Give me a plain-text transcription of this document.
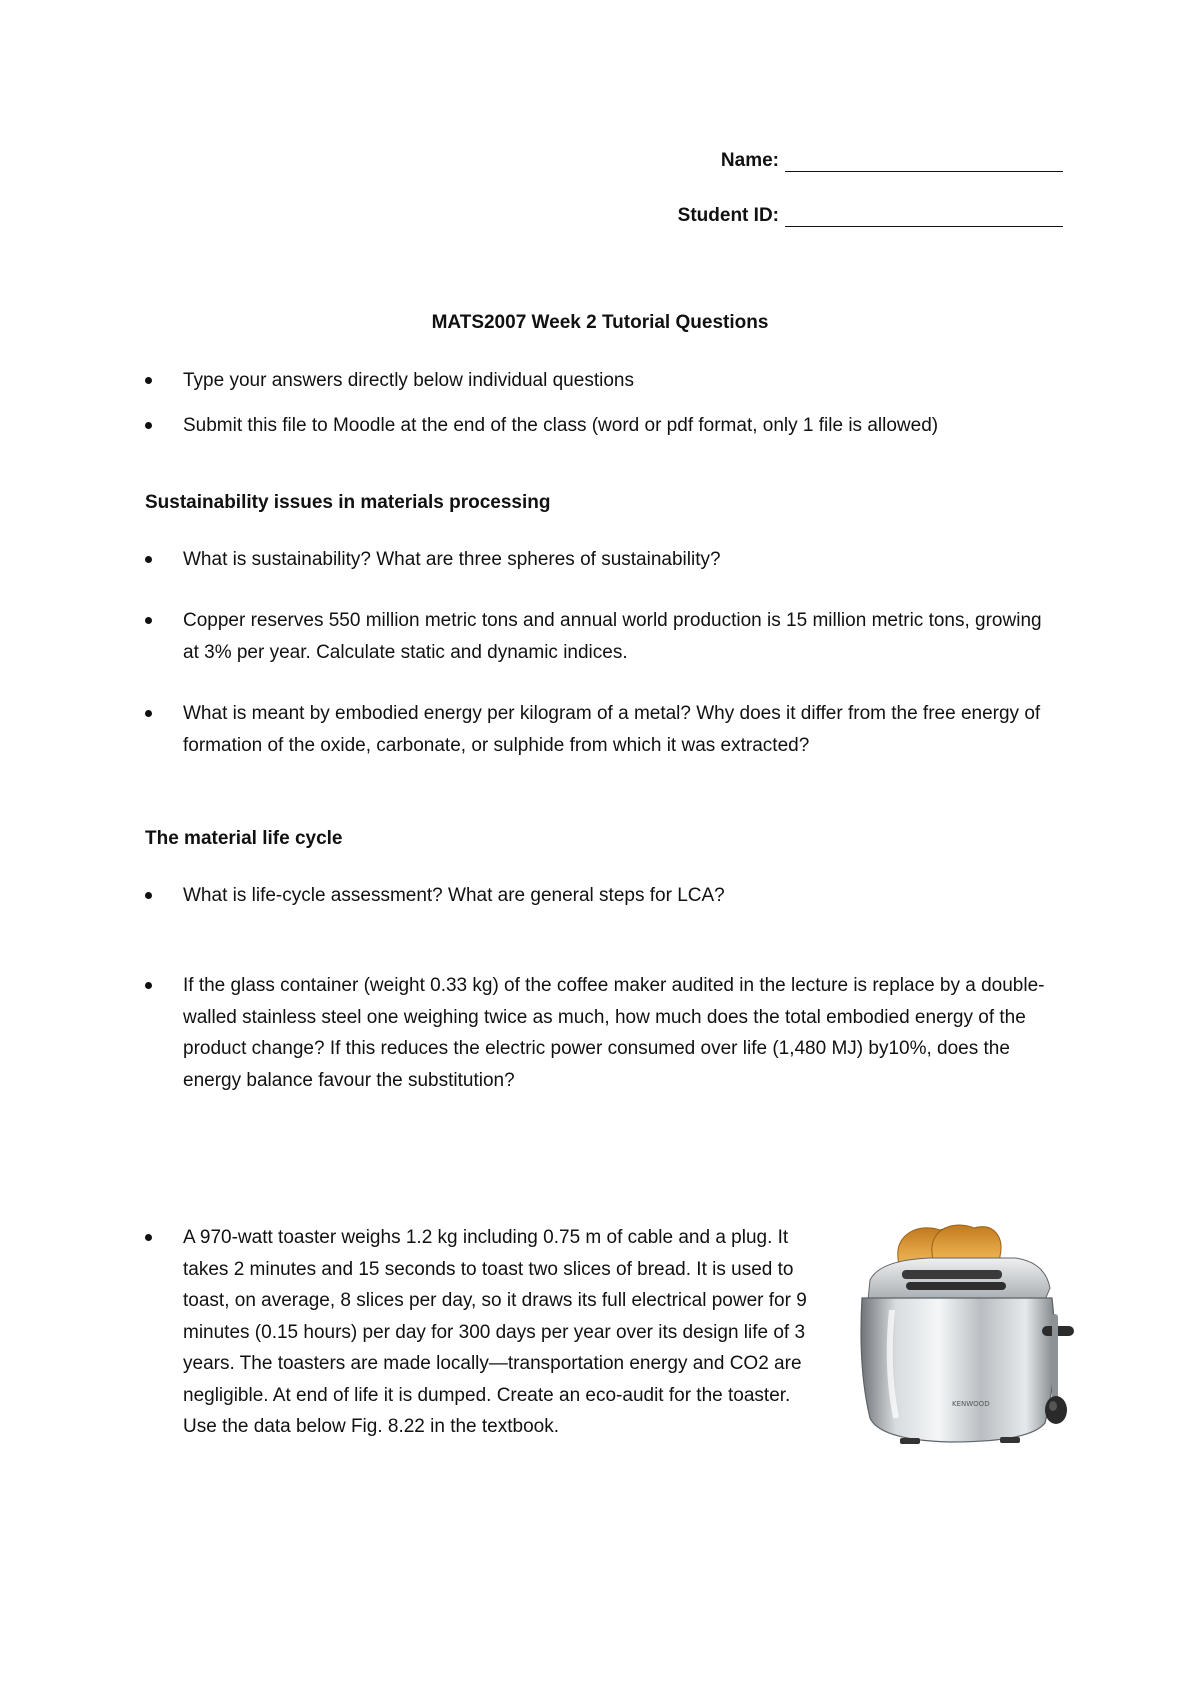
Name:
Student ID:
MATS2007 Week 2 Tutorial Questions
Type your answers directly below individual questions
Submit this file to Moodle at the end of the class (word or pdf format, only 1 file is allowed)
Sustainability issues in materials processing
What is sustainability? What are three spheres of sustainability?
Copper reserves 550 million metric tons and annual world production is 15 million metric tons, growing at 3% per year. Calculate static and dynamic indices.
What is meant by embodied energy per kilogram of a metal? Why does it differ from the free energy of formation of the oxide, carbonate, or sulphide from which it was extracted?
The material life cycle
What is life-cycle assessment? What are general steps for LCA?
If the glass container (weight 0.33 kg) of the coffee maker audited in the lecture is replace by a double-walled stainless steel one weighing twice as much, how much does the total embodied energy of the product change? If this reduces the electric power consumed over life (1,480 MJ) by10%, does the energy balance favour the substitution?
A 970-watt toaster weighs 1.2 kg including 0.75 m of cable and a plug. It takes 2 minutes and 15 seconds to toast two slices of bread. It is used to toast, on average, 8 slices per day, so it draws its full electrical power for 9 minutes (0.15 hours) per day for 300 days per year over its design life of 3 years. The toasters are made locally—transportation energy and CO2 are negligible. At end of life it is dumped. Create an eco-audit for the toaster. Use the data below Fig. 8.22 in the textbook.
KENWOOD
